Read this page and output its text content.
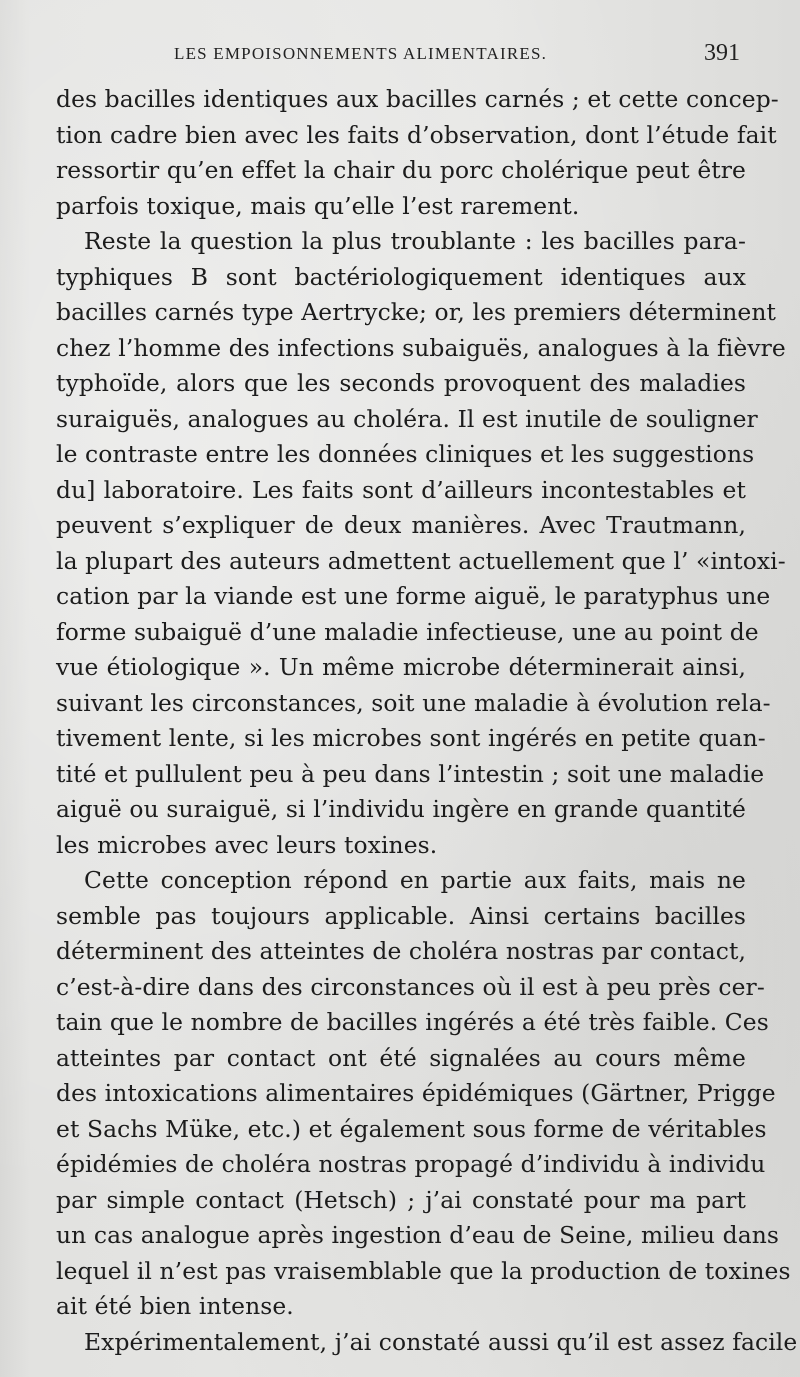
LES EMPOISONNEMENTS ALIMENTAIRES.	391
des bacilles identiques aux bacilles carnés ; et cette concep-
tion cadre bien avec les faits d’observation, dont l’étude fait
ressortir qu’en effet la chair du porc cholérique peut être
parfois toxique, mais qu’elle l’est rarement.
Reste la question la plus troublante : les bacilles para-
typhiques B sont bactériologiquement identiques aux
bacilles carnés type Aertrycke; or, les premiers déterminent
chez l’homme des infections subaiguës, analogues à la fièvre
typhoïde, alors que les seconds provoquent des maladies
suraiguës, analogues au choléra. Il est inutile de souligner
le contraste entre les données cliniques et les suggestions
du] laboratoire. Les faits sont d’ailleurs incontestables et
peuvent s’expliquer de deux manières. Avec Trautmann,
la plupart des auteurs admettent actuellement que l’ «intoxi-
cation par la viande est une forme aiguë, le paratyphus une
forme subaiguë d’une maladie infectieuse, une au point de
vue étiologique ». Un même microbe déterminerait ainsi,
suivant les circonstances, soit une maladie à évolution rela-
tivement lente, si les microbes sont ingérés en petite quan-
tité et pullulent peu à peu dans l’intestin ; soit une maladie
aiguë ou suraiguë, si l’individu ingère en grande quantité
les microbes avec leurs toxines.
Cette conception répond en partie aux faits, mais ne
semble pas toujours applicable. Ainsi certains bacilles
déterminent des atteintes de choléra nostras par contact,
c’est-à-dire dans des circonstances où il est à peu près cer-
tain que le nombre de bacilles ingérés a été très faible. Ces
atteintes par contact ont été signalées au cours même
des intoxications alimentaires épidémiques (Gärtner, Prigge
et Sachs Müke, etc.) et également sous forme de véritables
épidémies de choléra nostras propagé d’individu à individu
par simple contact (Hetsch) ; j’ai constaté pour ma part
un cas analogue après ingestion d’eau de Seine, milieu dans
lequel il n’est pas vraisemblable que la production de toxines
ait été bien intense.
Expérimentalement, j’ai constaté aussi qu’il est assez facile
